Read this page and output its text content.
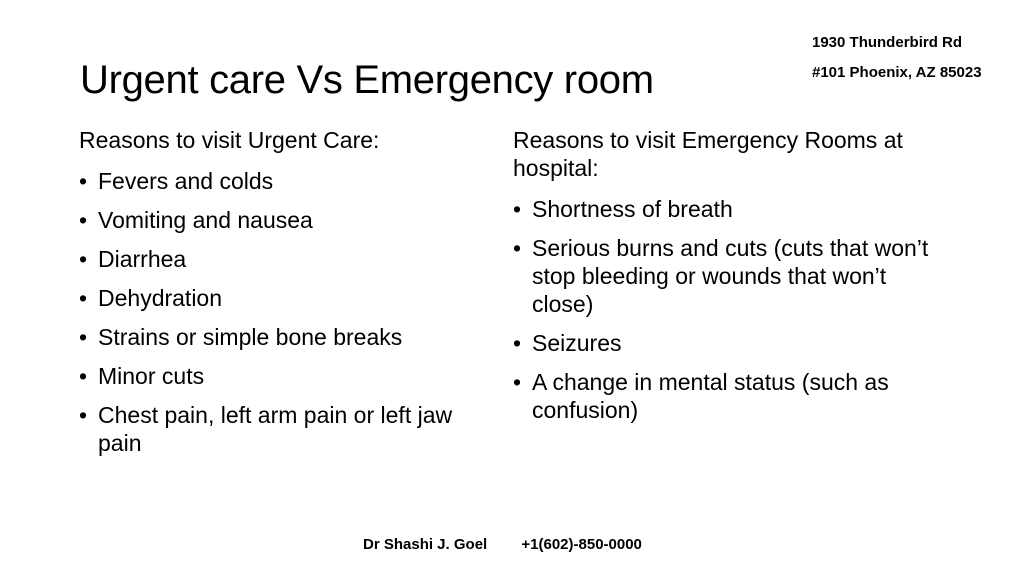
1930 Thunderbird Rd
#101 Phoenix, AZ 85023
Urgent care Vs Emergency room
Reasons to visit Urgent Care:
• Fevers and colds
• Vomiting and nausea
• Diarrhea
• Dehydration
• Strains or simple bone breaks
• Minor cuts
• Chest pain, left arm pain or left jaw pain
Reasons to visit Emergency Rooms at hospital:
• Shortness of breath
• Serious burns and cuts (cuts that won’t stop bleeding or wounds that won’t close)
• Seizures
• A change in mental status (such as confusion)
Dr Shashi J. Goel +1(602)-850-0000
